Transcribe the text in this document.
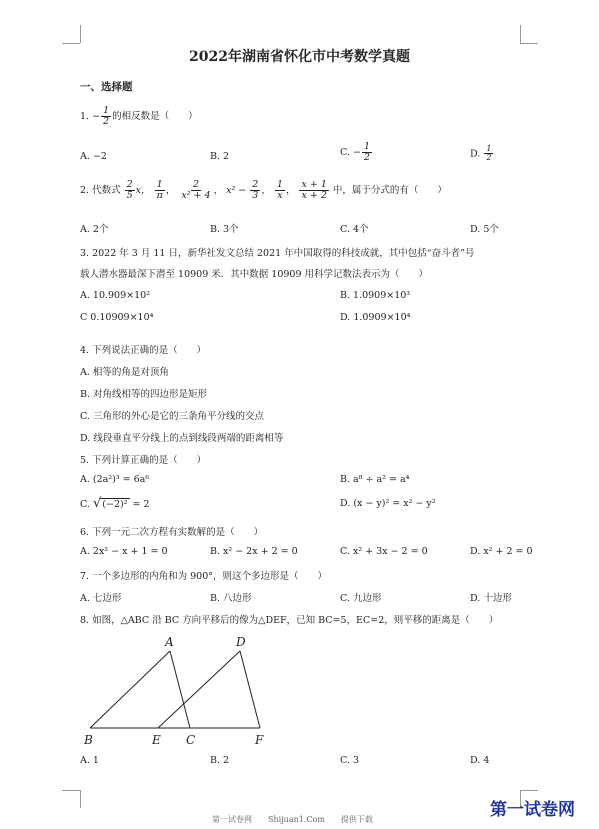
2022年湖南省怀化市中考数学真题
一、选择题
1. − $\frac{1}{2}$ 的相反数是（　　）
A. −2	B. 2	C. − $\frac{1}{2}$	D. $\frac{1}{2}$
2. 代数式 $\frac{2}{5}$ x， $\frac{1}{\pi}$ ， $\frac{2}{\text{x² + 4}}$ ， $x^2 - \frac{2}{3}$ ， $\frac{1}{x}$ ， $\frac{x + 1}{x + 2}$ 中，属于分式的有（　　）
A. 2个	B. 3个	C. 4个	D. 5个
3. 2022 年 3 月 11 日，新华社发文总结 2021 年中国取得的科技成就，其中包括“奋斗者”号
载人潜水器最深下潜至 10909 米．其中数据 10909 用科学记数法表示为（　　）
A. 10.909×10²	B. 1.0909×10³
C 0.10909×10⁴	D. 1.0909×10⁴
4. 下列说法正确的是（　　）
A. 相等的角是对顶角
B. 对角线相等的四边形是矩形
C. 三角形的外心是它的三条角平分线的交点
D. 线段垂直平分线上的点到线段两端的距离相等
5. 下列计算正确的是（　　）
A. (2a²)³ = 6a⁶	B. a⁸ ÷ a² = a⁴
C. √(−2)² = 2	D. (x − y)² = x² − y²
6. 下列一元二次方程有实数解的是（　　）
A. 2x² − x + 1 = 0	B. x² − 2x + 2 = 0	C. x² + 3x − 2 = 0	D. x² + 2 = 0
7. 一个多边形的内角和为 900°，则这个多边形是（　　）
A. 七边形	B. 八边形	C. 九边形	D. 十边形
8. 如图，△ABC 沿 BC 方向平移后的像为△DEF，已知 BC=5，EC=2，则平移的距离是（　　）
A	D
B	E C	F
A. 1	B. 2	C. 3	D. 4
第一试卷网　　Shijuan1.Com　　提供下载	第一试卷网
